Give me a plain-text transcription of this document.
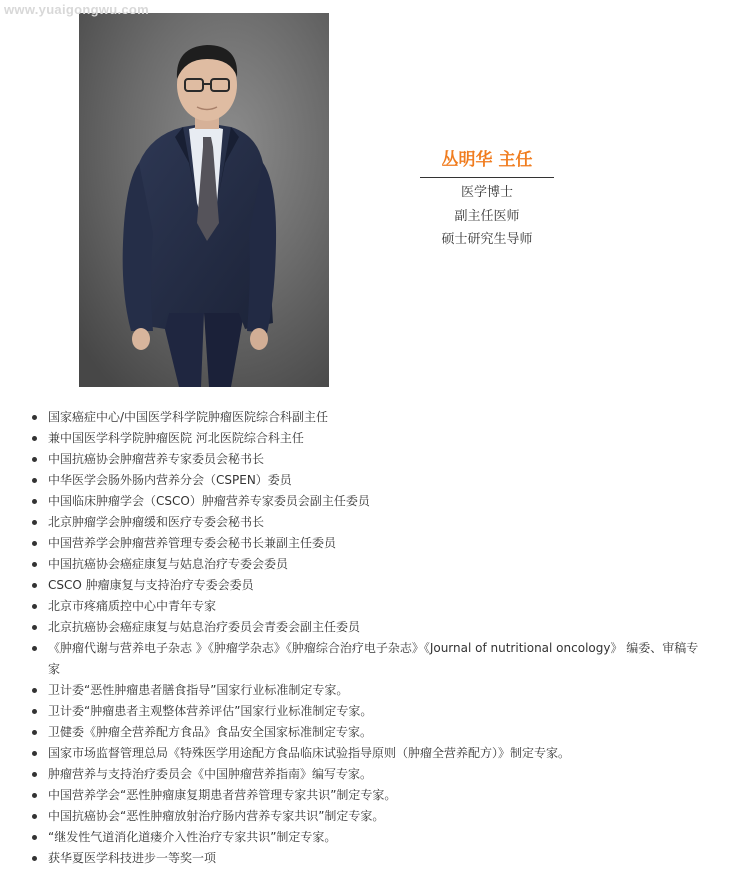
www.yuaigongwu.com
丛明华 主任
医学博士
副主任医师
硕士研究生导师
国家癌症中心/中国医学科学院肿瘤医院综合科副主任
兼中国医学科学院肿瘤医院 河北医院综合科主任
中国抗癌协会肿瘤营养专家委员会秘书长
中华医学会肠外肠内营养分会（CSPEN）委员
中国临床肿瘤学会（CSCO）肿瘤营养专家委员会副主任委员
北京肿瘤学会肿瘤缓和医疗专委会秘书长
中国营养学会肿瘤营养管理专委会秘书长兼副主任委员
中国抗癌协会癌症康复与姑息治疗专委会委员
CSCO 肿瘤康复与支持治疗专委会委员
北京市疼痛质控中心中青年专家
北京抗癌协会癌症康复与姑息治疗委员会青委会副主任委员
《肿瘤代谢与营养电子杂志 》《肿瘤学杂志》《肿瘤综合治疗电子杂志》《Journal of nutritional oncology》 编委、审稿专家
卫计委“恶性肿瘤患者膳食指导”国家行业标准制定专家。
卫计委“肿瘤患者主观整体营养评估”国家行业标准制定专家。
卫健委《肿瘤全营养配方食品》食品安全国家标准制定专家。
国家市场监督管理总局《特殊医学用途配方食品临床试验指导原则（肿瘤全营养配方）》制定专家。
肿瘤营养与支持治疗委员会《中国肿瘤营养指南》编写专家。
中国营养学会“恶性肿瘤康复期患者营养管理专家共识”制定专家。
中国抗癌协会“恶性肿瘤放射治疗肠内营养专家共识”制定专家。
“继发性气道消化道瘘介入性治疗专家共识”制定专家。
获华夏医学科技进步一等奖一项
